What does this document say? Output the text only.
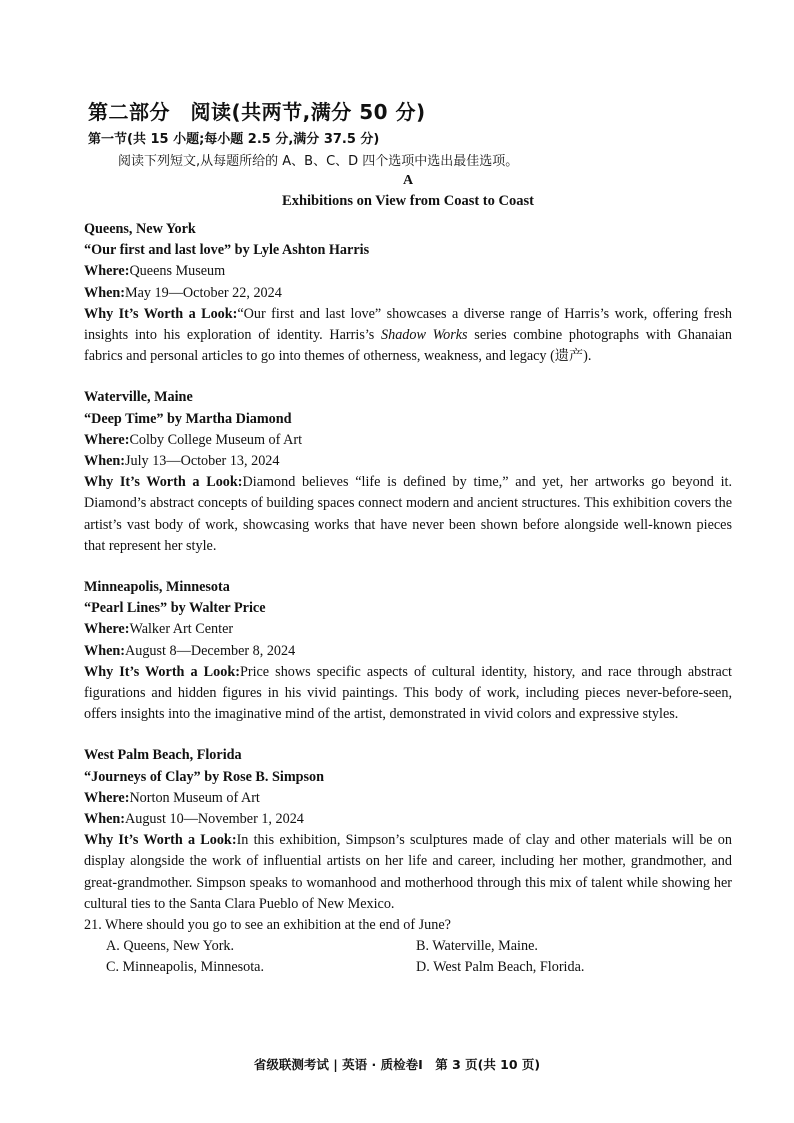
第二部分　阅读(共两节,满分 50 分)
第一节(共 15 小题;每小题 2.5 分,满分 37.5 分)
阅读下列短文,从每题所给的 A、B、C、D 四个选项中选出最佳选项。
A
Exhibitions on View from Coast to Coast
Queens, New York
“Our first and last love” by Lyle Ashton Harris
Where:Queens Museum
When:May 19—October 22, 2024
Why It’s Worth a Look:“Our first and last love” showcases a diverse range of Harris’s work, offering fresh insights into his exploration of identity. Harris’s Shadow Works series combine photographs with Ghanaian fabrics and personal articles to go into themes of otherness, weakness, and legacy (遗产).
Waterville, Maine
“Deep Time” by Martha Diamond
Where:Colby College Museum of Art
When:July 13—October 13, 2024
Why It’s Worth a Look:Diamond believes “life is defined by time,” and yet, her artworks go beyond it. Diamond’s abstract concepts of building spaces connect modern and ancient structures. This exhibition covers the artist’s vast body of work, showcasing works that have never been shown before alongside well-known pieces that represent her style.
Minneapolis, Minnesota
“Pearl Lines” by Walter Price
Where:Walker Art Center
When:August 8—December 8, 2024
Why It’s Worth a Look:Price shows specific aspects of cultural identity, history, and race through abstract figurations and hidden figures in his vivid paintings. This body of work, including pieces never-before-seen, offers insights into the imaginative mind of the artist, demonstrated in vivid colors and expressive styles.
West Palm Beach, Florida
“Journeys of Clay” by Rose B. Simpson
Where:Norton Museum of Art
When:August 10—November 1, 2024
Why It’s Worth a Look:In this exhibition, Simpson’s sculptures made of clay and other materials will be on display alongside the work of influential artists on her life and career, including her mother, grandmother, and great-grandmother. Simpson speaks to womanhood and motherhood through this mix of talent while showing her cultural ties to the Santa Clara Pueblo of New Mexico.
21. Where should you go to see an exhibition at the end of June?
A. Queens, New York.	B. Waterville, Maine.
C. Minneapolis, Minnesota.	D. West Palm Beach, Florida.
省级联测考试 | 英语 · 质检卷Ⅰ　第 3 页(共 10 页)
